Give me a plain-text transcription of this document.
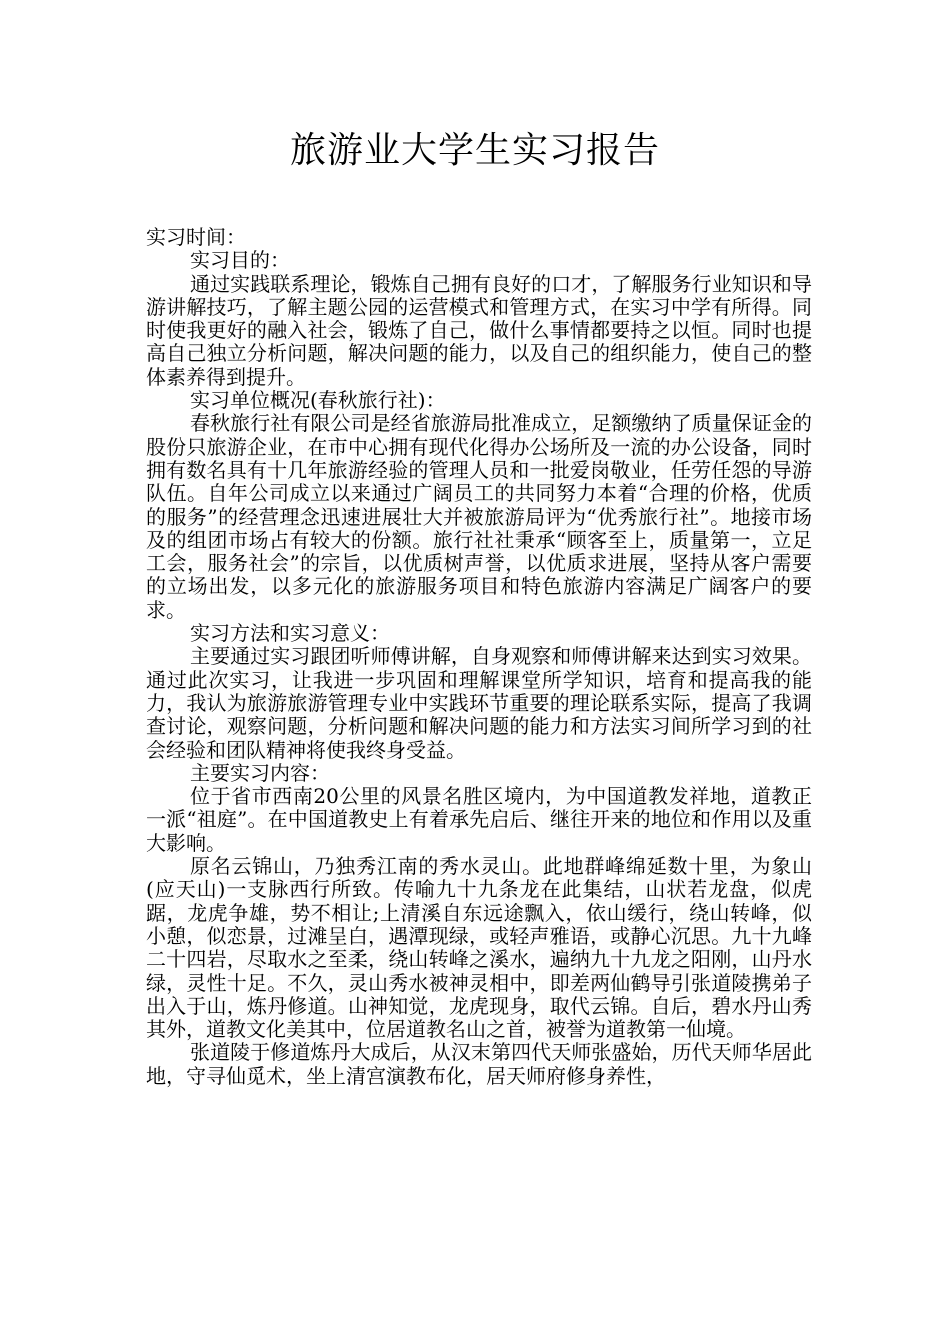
旅游业大学生实习报告

实习时间：

实习目的：

通过实践联系理论，锻炼自己拥有良好的口才，了解服务行业知识和导游讲解技巧，了解主题公园的运营模式和管理方式，在实习中学有所得。同时使我更好的融入社会，锻炼了自己，做什么事情都要持之以恒。同时也提高自己独立分析问题，解决问题的能力，以及自己的组织能力，使自己的整体素养得到提升。

实习单位概况(春秋旅行社)：

春秋旅行社有限公司是经省旅游局批准成立，足额缴纳了质量保证金的股份只旅游企业，在市中心拥有现代化得办公场所及一流的办公设备，同时拥有数名具有十几年旅游经验的管理人员和一批爱岗敬业，任劳任怨的导游队伍。自年公司成立以来通过广阔员工的共同努力本着“合理的价格，优质的服务”的经营理念迅速进展壮大并被旅游局评为“优秀旅行社”。地接市场及的组团市场占有较大的份额。旅行社社秉承“顾客至上，质量第一，立足工会，服务社会”的宗旨，以优质树声誉，以优质求进展，坚持从客户需要的立场出发，以多元化的旅游服务项目和特色旅游内容满足广阔客户的要求。

实习方法和实习意义：

主要通过实习跟团听师傅讲解，自身观察和师傅讲解来达到实习效果。通过此次实习，让我进一步巩固和理解课堂所学知识，培育和提高我的能力，我认为旅游旅游管理专业中实践环节重要的理论联系实际，提高了我调查讨论，观察问题，分析问题和解决问题的能力和方法实习间所学习到的社会经验和团队精神将使我终身受益。

主要实习内容：

位于省市西南20公里的风景名胜区境内，为中国道教发祥地，道教正一派“祖庭”。在中国道教史上有着承先启后、继往开来的地位和作用以及重大影响。

原名云锦山，乃独秀江南的秀水灵山。此地群峰绵延数十里，为象山(应天山)一支脉西行所致。传喻九十九条龙在此集结，山状若龙盘，似虎踞，龙虎争雄，势不相让;上清溪自东远途飘入，依山缓行，绕山转峰，似小憩，似恋景，过滩呈白，遇潭现绿，或轻声雅语，或静心沉思。九十九峰二十四岩，尽取水之至柔，绕山转峰之溪水，遍纳九十九龙之阳刚，山丹水绿，灵性十足。不久，灵山秀水被神灵相中，即差两仙鹤导引张道陵携弟子出入于山，炼丹修道。山神知觉，龙虎现身，取代云锦。自后，碧水丹山秀其外，道教文化美其中，位居道教名山之首，被誉为道教第一仙境。

张道陵于修道炼丹大成后，从汉末第四代天师张盛始，历代天师华居此地，守寻仙觅术，坐上清宫演教布化，居天师府修身养性，
